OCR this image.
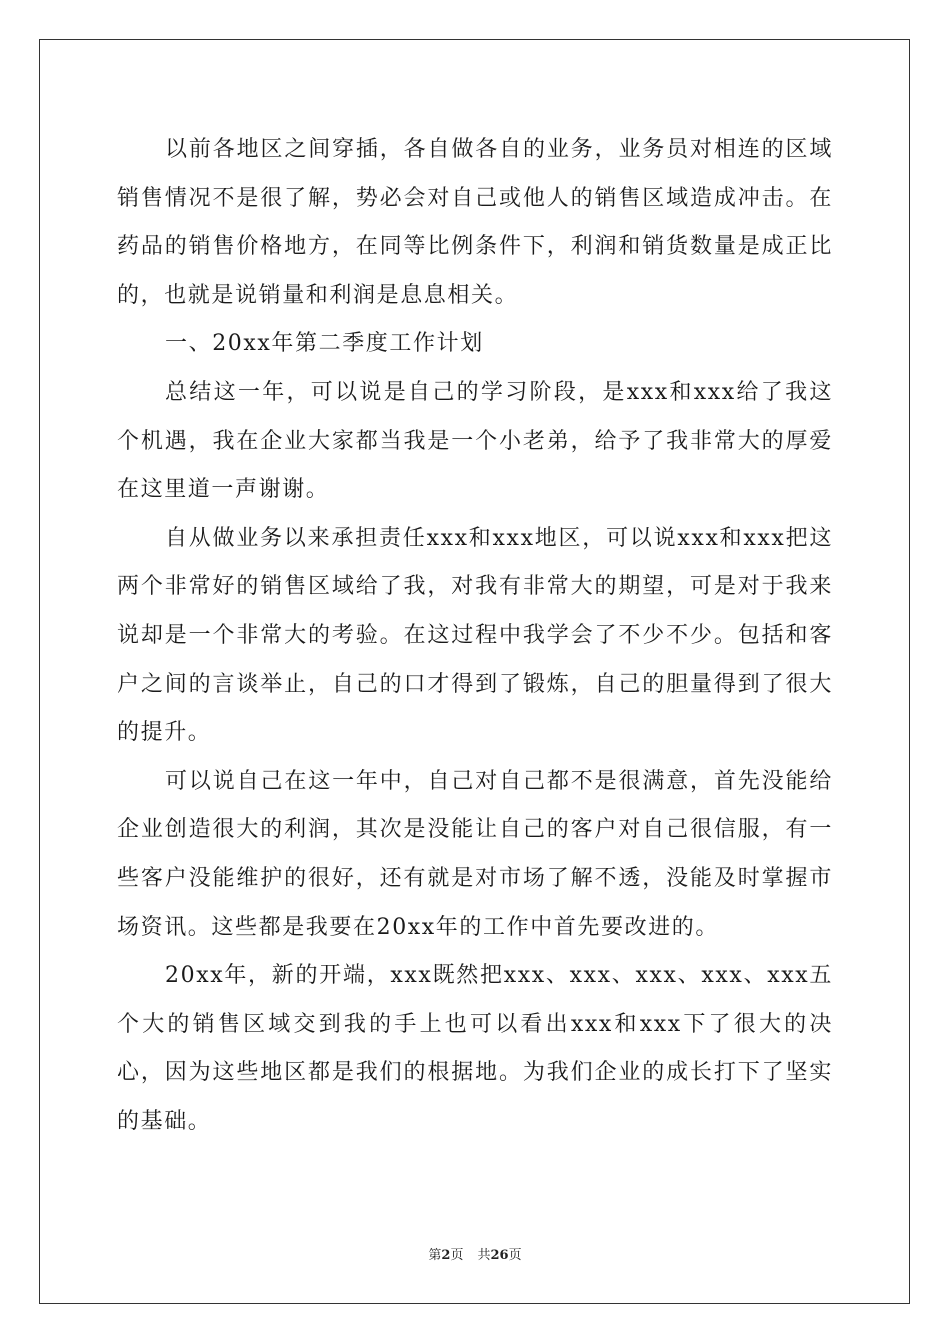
以前各地区之间穿插，各自做各自的业务，业务员对相连的区域销售情况不是很了解，势必会对自己或他人的销售区域造成冲击。在药品的销售价格地方，在同等比例条件下，利润和销货数量是成正比的，也就是说销量和利润是息息相关。

一、20xx年第二季度工作计划

总结这一年，可以说是自己的学习阶段，是xxx和xxx给了我这个机遇，我在企业大家都当我是一个小老弟，给予了我非常大的厚爱在这里道一声谢谢。

自从做业务以来承担责任xxx和xxx地区，可以说xxx和xxx把这两个非常好的销售区域给了我，对我有非常大的期望，可是对于我来说却是一个非常大的考验。在这过程中我学会了不少不少。包括和客户之间的言谈举止，自己的口才得到了锻炼，自己的胆量得到了很大的提升。

可以说自己在这一年中，自己对自己都不是很满意，首先没能给企业创造很大的利润，其次是没能让自己的客户对自己很信服，有一些客户没能维护的很好，还有就是对市场了解不透，没能及时掌握市场资讯。这些都是我要在20xx年的工作中首先要改进的。

20xx年，新的开端，xxx既然把xxx、xxx、xxx、xxx、xxx五个大的销售区域交到我的手上也可以看出xxx和xxx下了很大的决心，因为这些地区都是我们的根据地。为我们企业的成长打下了坚实的基础。

第2页 共26页
